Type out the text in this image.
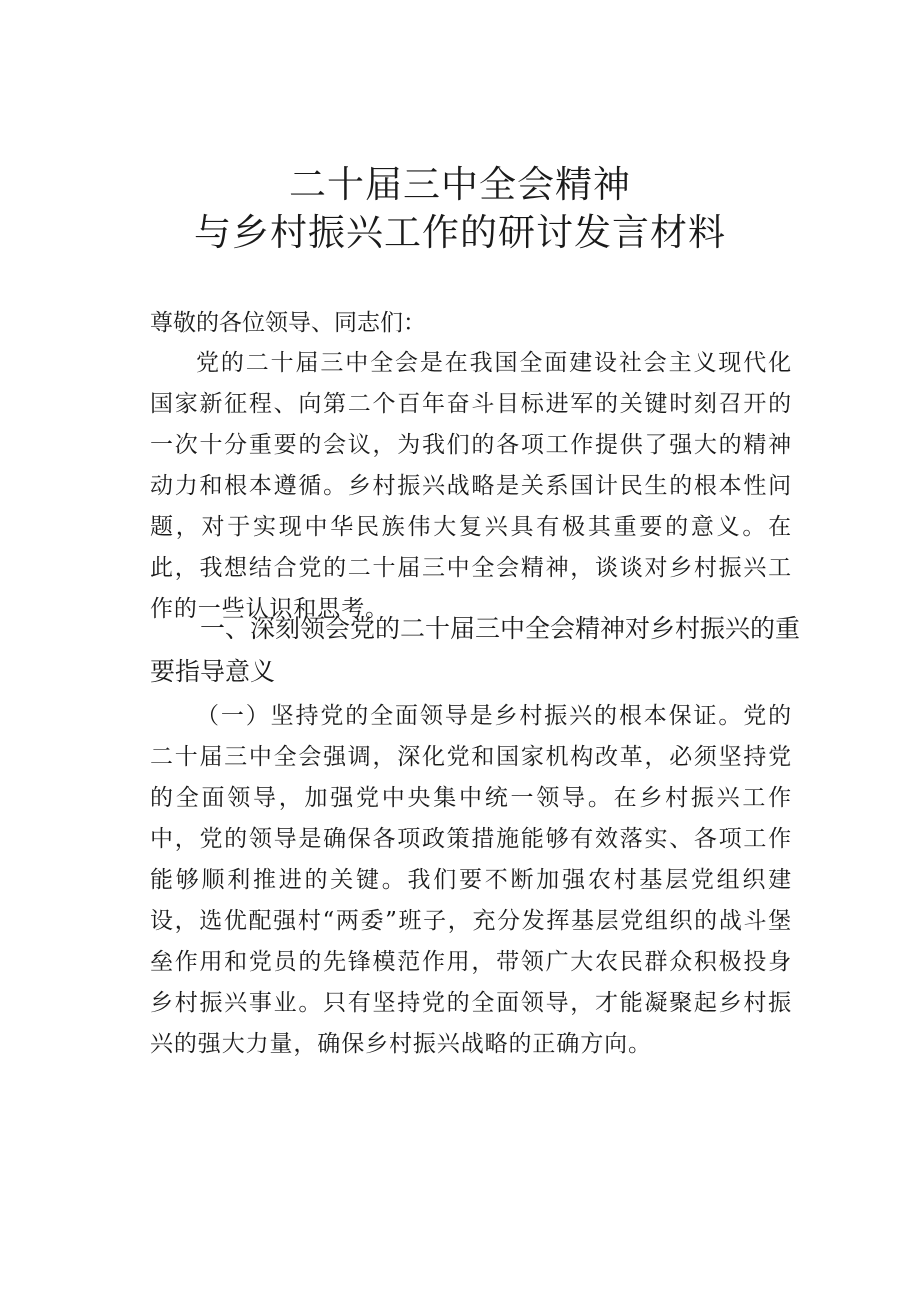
二十届三中全会精神
与乡村振兴工作的研讨发言材料

尊敬的各位领导、同志们：

党的二十届三中全会是在我国全面建设社会主义现代化国家新征程、向第二个百年奋斗目标进军的关键时刻召开的一次十分重要的会议，为我们的各项工作提供了强大的精神动力和根本遵循。乡村振兴战略是关系国计民生的根本性问题，对于实现中华民族伟大复兴具有极其重要的意义。在此，我想结合党的二十届三中全会精神，谈谈对乡村振兴工作的一些认识和思考。

一、深刻领会党的二十届三中全会精神对乡村振兴的重要指导意义

（一）坚持党的全面领导是乡村振兴的根本保证。党的二十届三中全会强调，深化党和国家机构改革，必须坚持党的全面领导，加强党中央集中统一领导。在乡村振兴工作中，党的领导是确保各项政策措施能够有效落实、各项工作能够顺利推进的关键。我们要不断加强农村基层党组织建设，选优配强村“两委”班子，充分发挥基层党组织的战斗堡垒作用和党员的先锋模范作用，带领广大农民群众积极投身乡村振兴事业。只有坚持党的全面领导，才能凝聚起乡村振兴的强大力量，确保乡村振兴战略的正确方向。
